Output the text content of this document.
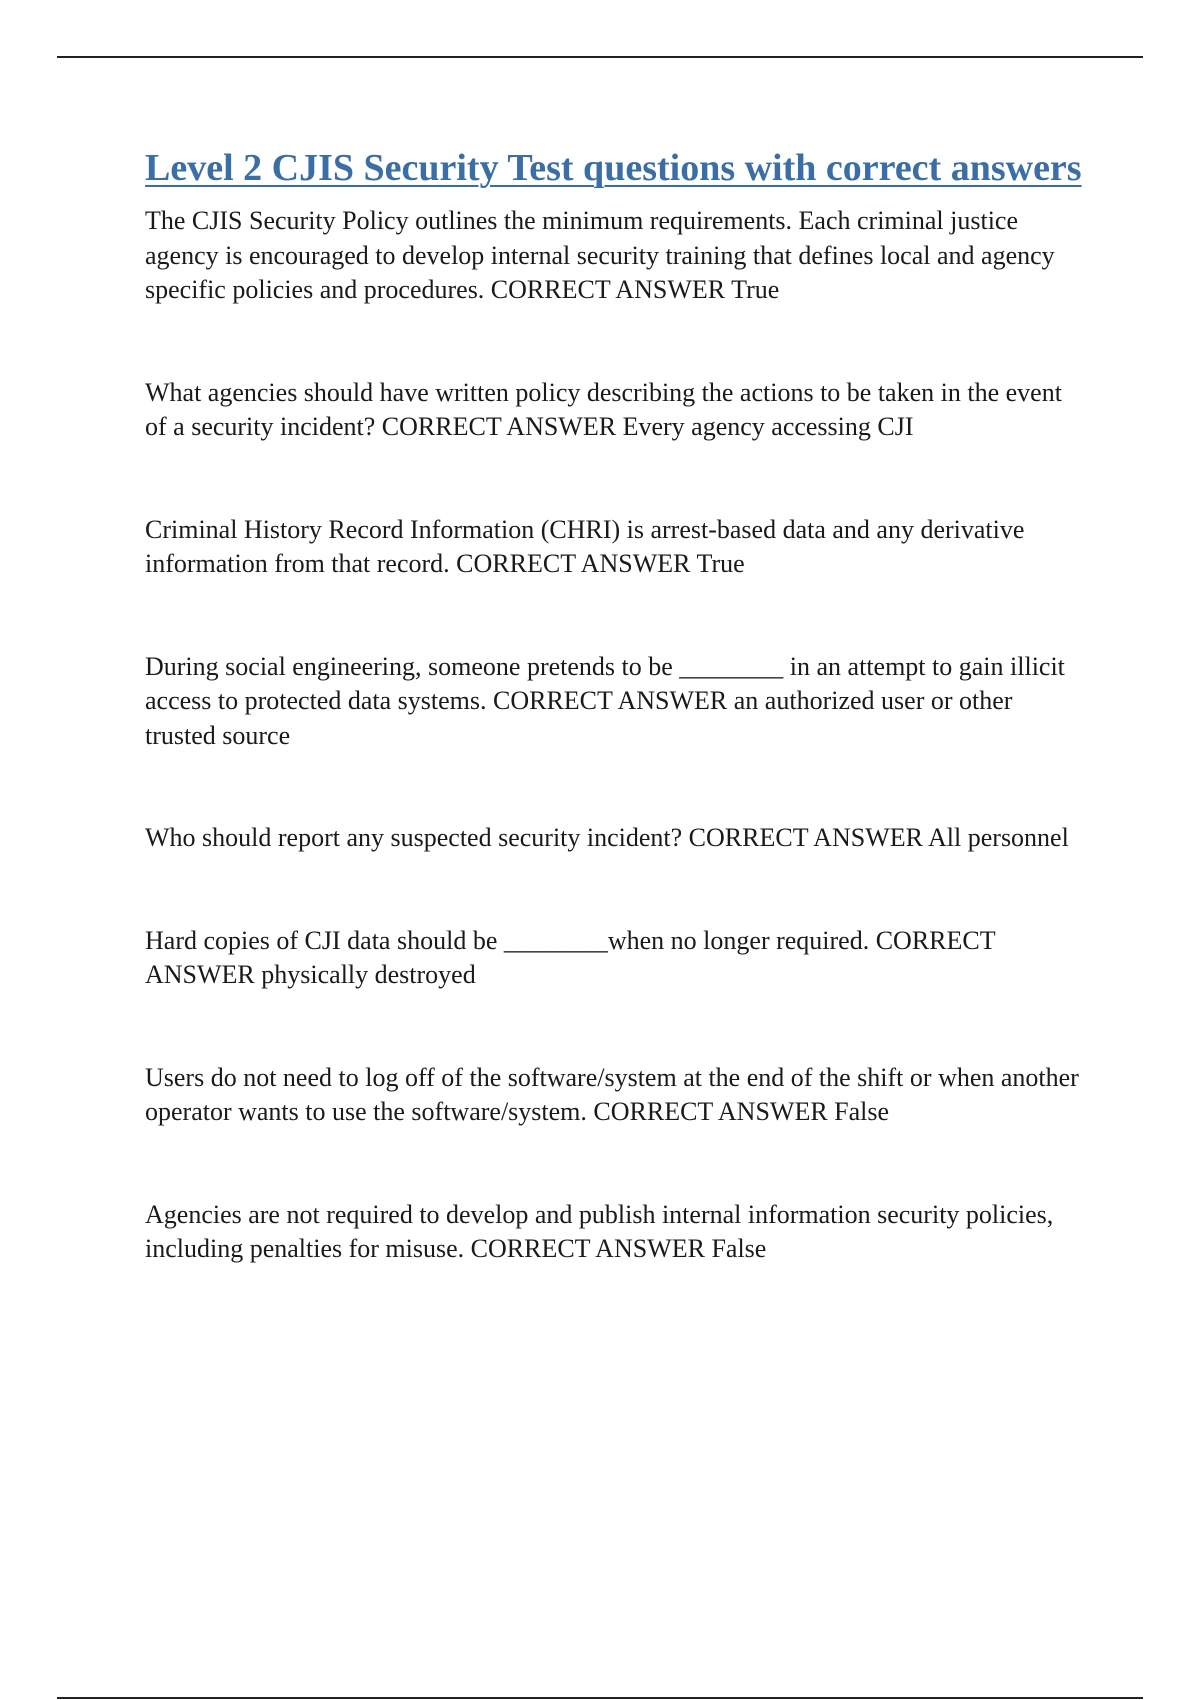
Level 2 CJIS Security Test questions with correct answers

The CJIS Security Policy outlines the minimum requirements. Each criminal justice agency is encouraged to develop internal security training that defines local and agency specific policies and procedures. CORRECT ANSWER True

What agencies should have written policy describing the actions to be taken in the event of a security incident? CORRECT ANSWER Every agency accessing CJI

Criminal History Record Information (CHRI) is arrest-based data and any derivative information from that record. CORRECT ANSWER True

During social engineering, someone pretends to be ________ in an attempt to gain illicit access to protected data systems. CORRECT ANSWER an authorized user or other trusted source

Who should report any suspected security incident? CORRECT ANSWER All personnel

Hard copies of CJI data should be ________when no longer required. CORRECT ANSWER physically destroyed

Users do not need to log off of the software/system at the end of the shift or when another operator wants to use the software/system. CORRECT ANSWER False

Agencies are not required to develop and publish internal information security policies, including penalties for misuse. CORRECT ANSWER False
